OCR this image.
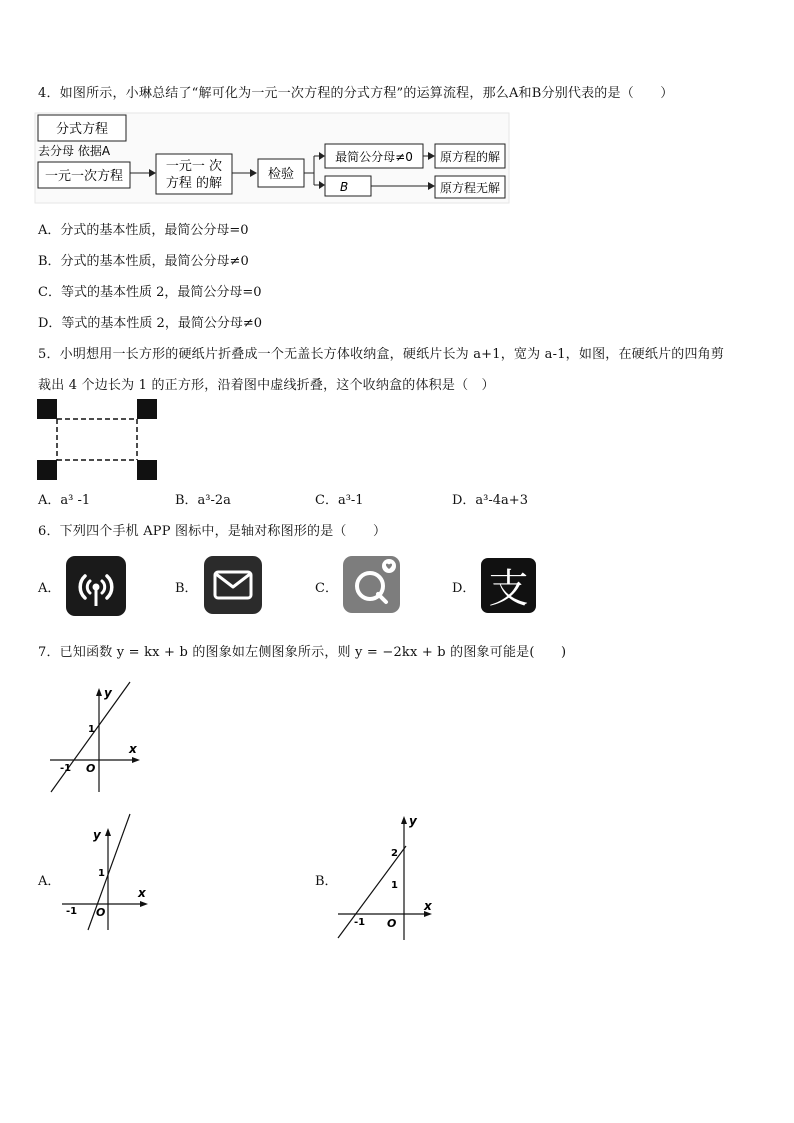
4．如图所示，小琳总结了“解可化为一元一次方程的分式方程”的运算流程，那么A和B分别代表的是（　　）
分式方程
去分母 依据A
一元一次方程
一元一 次
方程 的解
检验
最简公分母≠0 原方程的解
B	原方程无解
A．分式的基本性质，最简公分母=0
B．分式的基本性质，最简公分母≠0
C．等式的基本性质 2，最简公分母=0
D．等式的基本性质 2，最简公分母≠0
5．小明想用一长方形的硬纸片折叠成一个无盖长方体收纳盒，硬纸片长为 a+1，宽为 a-1，如图，在硬纸片的四角剪
裁出 4 个边长为 1 的正方形，沿着图中虚线折叠，这个收纳盒的体积是（　）
A．a³ -1	B．a³-2a	C．a³-1	D．a³-4a+3
6．下列四个手机 APP 图标中，是轴对称图形的是（　　）
A．	B．	C．	D． 支
7．已知函数 y = kx + b 的图象如左侧图象所示，则 y = −2kx + b 的图象可能是(　　)
x
y
O
-1
1
A．
x
y
O
-1
1
B．
x
y
O
-1
1
2
